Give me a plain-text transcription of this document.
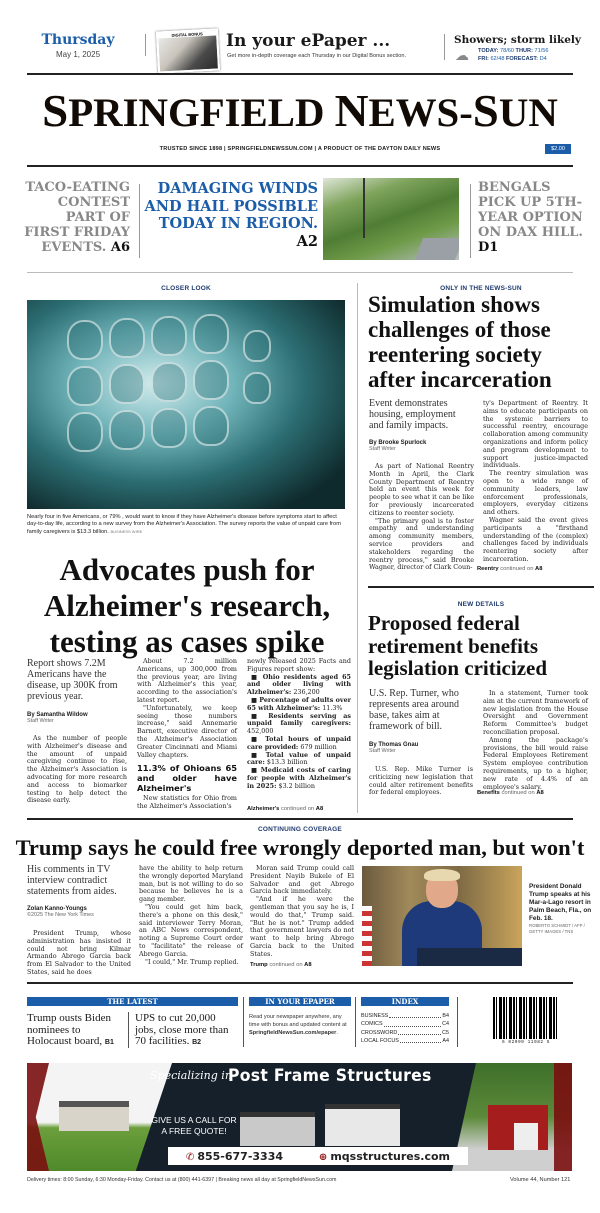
Thursday
May 1, 2025
DIGITAL BONUS	In your ePaper ...
Get more in-depth coverage each Thursday in our Digital Bonus section.
Showers; storm likely
☁ TODAY: 78/60 THUR: 71/56
FRI: 62/48 FORECAST: D4
SPRINGFIELD NEWS-SUN
TRUSTED SINCE 1898 | SPRINGFIELDNEWSSUN.COM | A PRODUCT OF THE DAYTON DAILY NEWS	$2.00
TACO-EATING CONTEST PART OF FIRST FRIDAY EVENTS. A6
DAMAGING WINDS AND HAIL POSSIBLE TODAY IN REGION. A2
BENGALS PICK UP 5TH-YEAR OPTION ON DAX HILL. D1
CLOSER LOOK
Nearly four in five Americans, or 79% , would want to know if they have Alzheimer's disease before symptoms start to affect day-to-day life, according to a new survey from the Alzheimer's Association. The survey reports the value of unpaid care from family caregivers is $13.3 billion. BUSINESS WIRE
Advocates push for Alzheimer's research, testing as cases spike
Report shows 7.2M Americans have the disease, up 300K from previous year.
By Samantha Wildow
Staff Writer

As the number of people with Alzheimer's disease and the amount of unpaid caregiving continue to rise, the Alzheimer's Association is advocating for more research and access to biomarker testing to help detect the disease early.

About 7.2 million Americans, up 300,000 from the previous year, are living with Alzheimer's this year, according to the association's latest report.

"Unfortunately, we keep seeing those numbers increase," said Annemarie Barnett, executive director of the Alzheimer's Association Greater Cincinnati and Miami Valley chapters.

11.3% of Ohioans 65 and older have Alzheimer's

New statistics for Ohio from the Alzheimer's Association's

newly released 2025 Facts and Figures report show:
■ Ohio residents aged 65 and older living with Alzheimer's: 236,200
■ Percentage of adults over 65 with Alzheimer's: 11.3%
■ Residents serving as unpaid family caregivers: 452,000
■ Total hours of unpaid care provided: 679 million
■ Total value of unpaid care: $13.3 billion
■ Medicaid costs of caring for people with Alzheimer's in 2025: $3.2 billion
Alzheimer's continued on A8
ONLY IN THE NEWS-SUN
Simulation shows challenges of those reentering society after incarceration
Event demonstrates housing, employment and family impacts.
By Brooke Spurlock
Staff Writer

As part of National Reentry Month in April, the Clark County Department of Reentry held an event this week for people to see what it can be like for previously incarcerated citizens to reenter society.

"The primary goal is to foster empathy and understanding among community members, service providers and stakeholders regarding the reentry process," said Brooke Wagner, director of Clark Coun-

ty's Department of Reentry. It aims to educate participants on the systemic barriers to successful reentry, encourage collaboration among community organizations and inform policy and program development to support justice-impacted individuals.

The reentry simulation was open to a wide range of community leaders, law enforcement professionals, employers, everyday citizens and others.

Wagner said the event gives participants a "firsthand understanding of the (complex) challenges faced by individuals reentering society after incarceration.

Reentry continued on A8
NEW DETAILS
Proposed federal retirement benefits legislation criticized
U.S. Rep. Turner, who represents area around base, takes aim at framework of bill.
By Thomas Gnau
Staff Writer

U.S. Rep. Mike Turner is criticizing new legislation that could alter retirement benefits for federal employees.

In a statement, Turner took aim at the current framework of new legislation from the House Oversight and Government Reform Committee's budget reconciliation proposal.

Among the package's provisions, the bill would raise Federal Employees Retirement System employee contribution requirements, up to a higher, new rate of 4.4% of an employee's salary.

Benefits continued on A8
CONTINUING COVERAGE
Trump says he could free wrongly deported man, but won't
His comments in TV interview contradict statements from aides.
Zolan Kanno-Youngs
©2025 The New York Times

President Trump, whose administration has insisted it could not bring Kilmar Armando Abrego Garcia back from El Salvador to the United States, said he does

have the ability to help return the wrongly deported Maryland man, but is not willing to do so because he believes he is a gang member.

"You could get him back, there's a phone on this desk," said interviewer Terry Moran, an ABC News correspondent, noting a Supreme Court order to "facilitate" the release of Abrego Garcia.

"I could," Mr. Trump replied.

Moran said Trump could call President Nayib Bukele of El Salvador and get Abrego Garcia back immediately.

"And if he were the gentleman that you say he is, I would do that," Trump said. "But he is not." Trump added that government lawyers do not want to help bring Abrego Garcia back to the United States.

Trump continued on A8
President Donald Trump speaks at his Mar-a-Lago resort in Palm Beach, Fla., on Feb. 18.
ROBERTO SCHMIDT / AFP / GETTY IMAGES / TNS
THE LATEST
Trump ousts Biden nominees to Holocaust board, B1
UPS to cut 20,000 jobs, close more than 70 facilities. B2
IN YOUR EPAPER
Read your newspaper anywhere, any time with bonus and updated content at SpringfieldNewsSun.com/epaper.
INDEX
BUSINESS	B4
COMICS	C4
CROSSWORD	C5
LOCAL FOCUS	A4	6 02099 11982 5
Specializing in
Post Frame Structures
GIVE US A CALL FOR A FREE QUOTE!
✆ 855-677-3334	⊕ mqsstructures.com
Delivery times: 8:00 Sunday, 6:30 Monday-Friday. Contact us at (800) 441-6397 | Breaking news all day at SpringfieldNewsSun.com	Volume 44, Number 121
